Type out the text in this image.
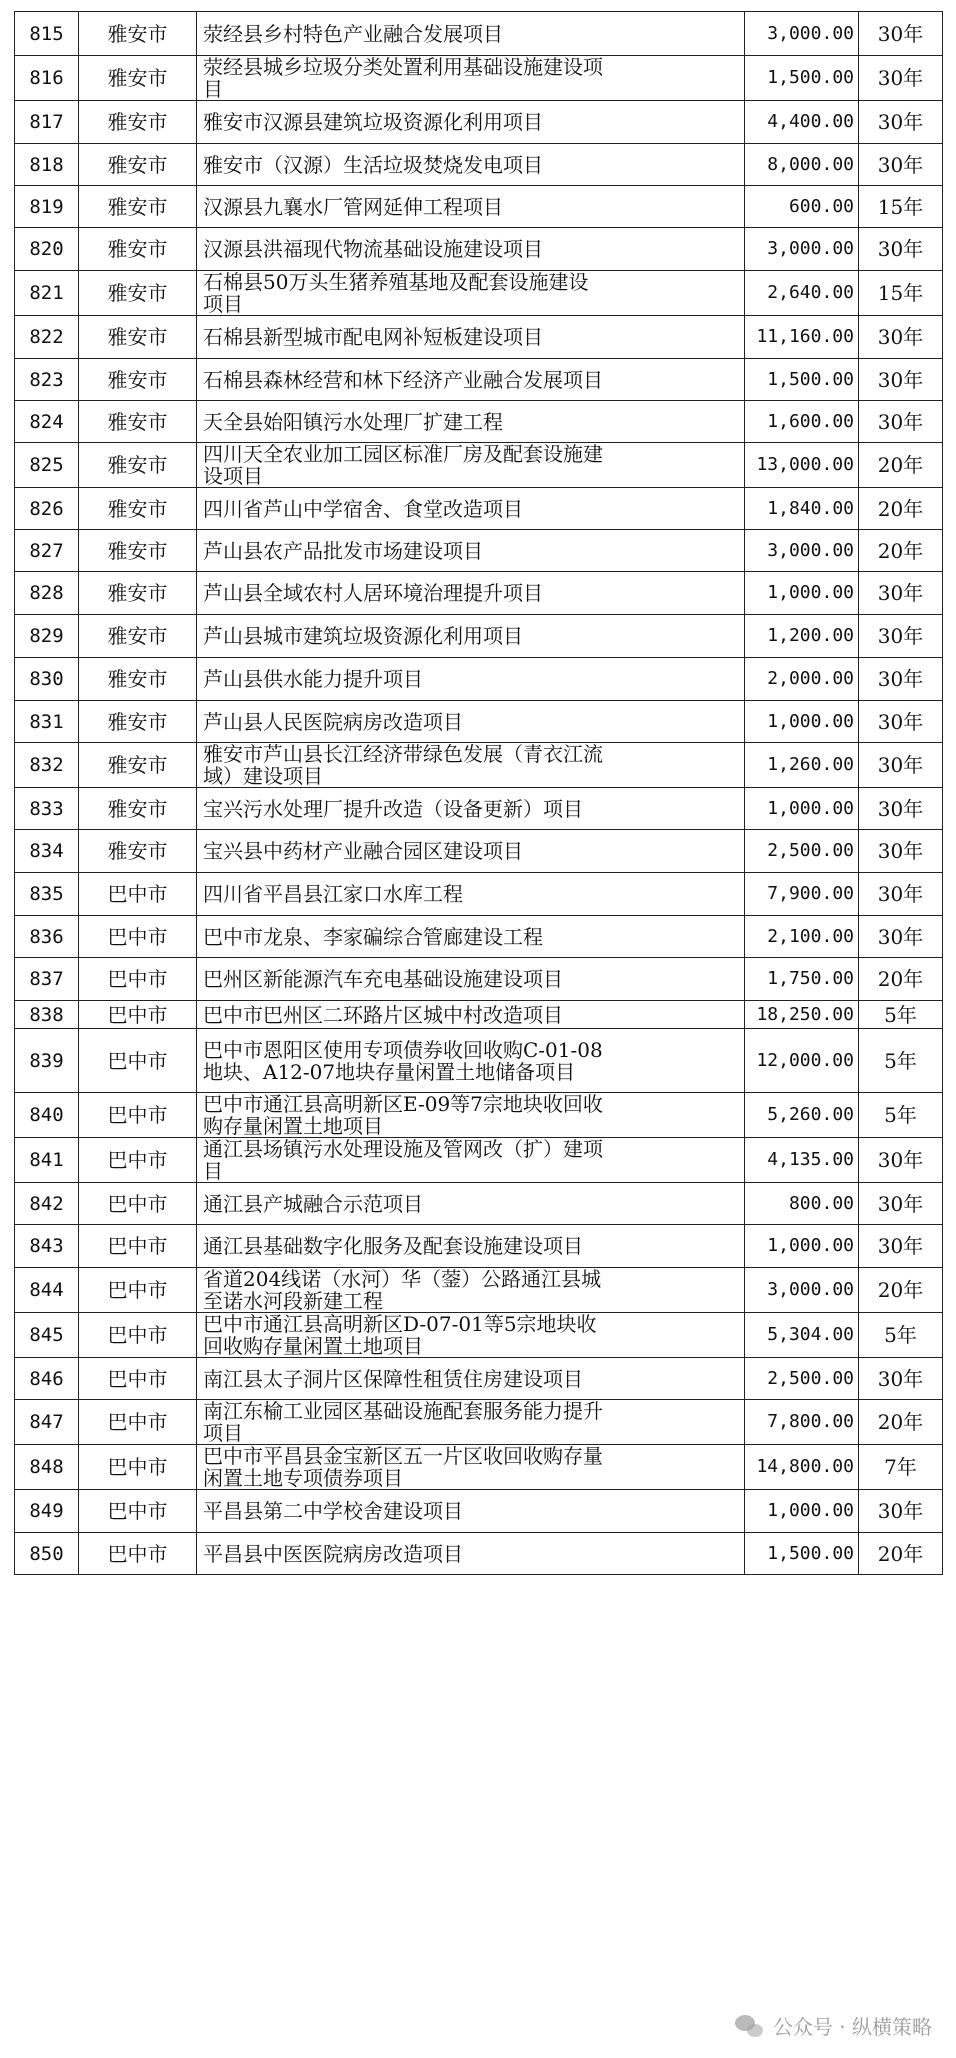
815	雅安市	荥经县乡村特色产业融合发展项目	3,000.00	30年
816	雅安市	荥经县城乡垃圾分类处置利用基础设施建设项目	1,500.00	30年
817	雅安市	雅安市汉源县建筑垃圾资源化利用项目	4,400.00	30年
818	雅安市	雅安市（汉源）生活垃圾焚烧发电项目	8,000.00	30年
819	雅安市	汉源县九襄水厂管网延伸工程项目	600.00	15年
820	雅安市	汉源县洪福现代物流基础设施建设项目	3,000.00	30年
821	雅安市	石棉县50万头生猪养殖基地及配套设施建设项目	2,640.00	15年
822	雅安市	石棉县新型城市配电网补短板建设项目	11,160.00	30年
823	雅安市	石棉县森林经营和林下经济产业融合发展项目	1,500.00	30年
824	雅安市	天全县始阳镇污水处理厂扩建工程	1,600.00	30年
825	雅安市	四川天全农业加工园区标准厂房及配套设施建设项目	13,000.00	20年
826	雅安市	四川省芦山中学宿舍、食堂改造项目	1,840.00	20年
827	雅安市	芦山县农产品批发市场建设项目	3,000.00	20年
828	雅安市	芦山县全域农村人居环境治理提升项目	1,000.00	30年
829	雅安市	芦山县城市建筑垃圾资源化利用项目	1,200.00	30年
830	雅安市	芦山县供水能力提升项目	2,000.00	30年
831	雅安市	芦山县人民医院病房改造项目	1,000.00	30年
832	雅安市	雅安市芦山县长江经济带绿色发展（青衣江流域）建设项目	1,260.00	30年
833	雅安市	宝兴污水处理厂提升改造（设备更新）项目	1,000.00	30年
834	雅安市	宝兴县中药材产业融合园区建设项目	2,500.00	30年
835	巴中市	四川省平昌县江家口水库工程	7,900.00	30年
836	巴中市	巴中市龙泉、李家碥综合管廊建设工程	2,100.00	30年
837	巴中市	巴州区新能源汽车充电基础设施建设项目	1,750.00	20年
838	巴中市	巴中市巴州区二环路片区城中村改造项目	18,250.00	5年
839	巴中市	巴中市恩阳区使用专项债券收回收购C-01-08地块、A12-07地块存量闲置土地储备项目	12,000.00	5年
840	巴中市	巴中市通江县高明新区E-09等7宗地块收回收购存量闲置土地项目	5,260.00	5年
841	巴中市	通江县场镇污水处理设施及管网改（扩）建项目	4,135.00	30年
842	巴中市	通江县产城融合示范项目	800.00	30年
843	巴中市	通江县基础数字化服务及配套设施建设项目	1,000.00	30年
844	巴中市	省道204线诺（水河）华（蓥）公路通江县城至诺水河段新建工程	3,000.00	20年
845	巴中市	巴中市通江县高明新区D-07-01等5宗地块收回收购存量闲置土地项目	5,304.00	5年
846	巴中市	南江县太子洞片区保障性租赁住房建设项目	2,500.00	30年
847	巴中市	南江东榆工业园区基础设施配套服务能力提升项目	7,800.00	20年
848	巴中市	巴中市平昌县金宝新区五一片区收回收购存量闲置土地专项债券项目	14,800.00	7年
849	巴中市	平昌县第二中学校舍建设项目	1,000.00	30年
850	巴中市	平昌县中医医院病房改造项目	1,500.00	20年
公众号 · 纵横策略
